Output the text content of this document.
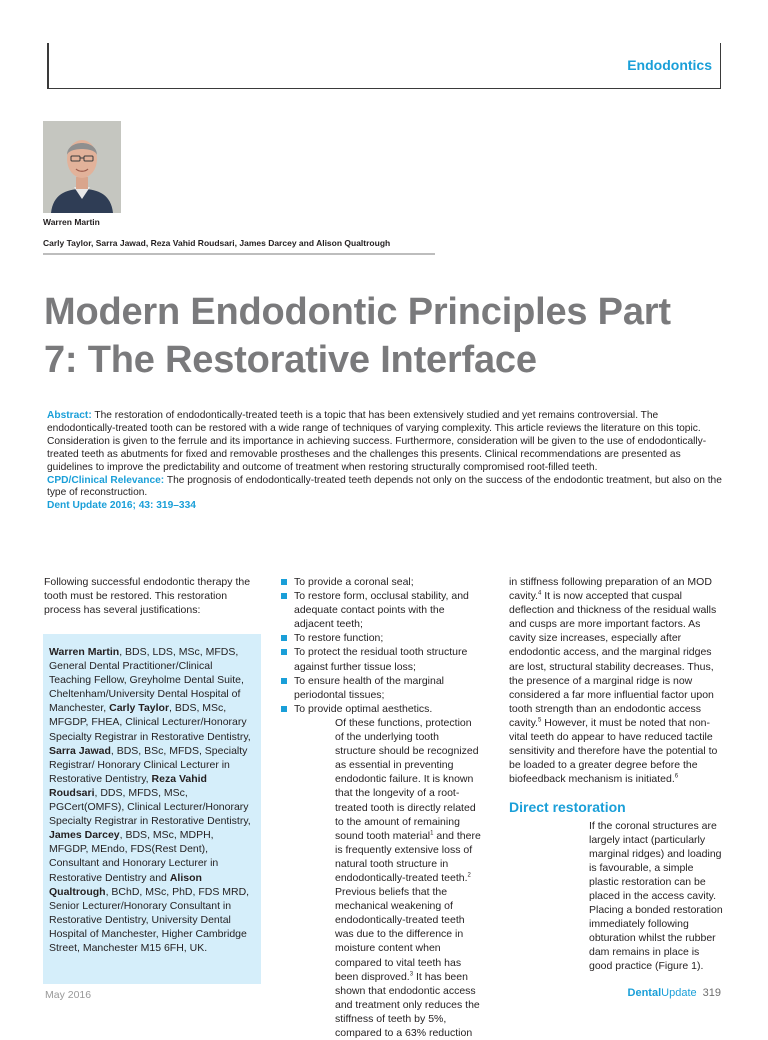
Endodontics
Warren Martin
Carly Taylor, Sarra Jawad, Reza Vahid Roudsari, James Darcey and Alison Qualtrough
Modern Endodontic Principles Part
7: The Restorative Interface
Abstract: The restoration of endodontically-treated teeth is a topic that has been extensively studied and yet remains controversial. The endodontically-treated tooth can be restored with a wide range of techniques of varying complexity. This article reviews the literature on this topic. Consideration is given to the ferrule and its importance in achieving success. Furthermore, consideration will be given to the use of endodontically-treated teeth as abutments for fixed and removable prostheses and the challenges this presents. Clinical recommendations are presented as guidelines to improve the predictability and outcome of treatment when restoring structurally compromised root-filled teeth.
CPD/Clinical Relevance: The prognosis of endodontically-treated teeth depends not only on the success of the endodontic treatment, but also on the type of reconstruction.
Dent Update 2016; 43: 319–334

Following successful endodontic therapy the tooth must be restored. This restoration process has several justifications:

Warren Martin, BDS, LDS, MSc, MFDS, General Dental Practitioner/Clinical Teaching Fellow, Greyholme Dental Suite, Cheltenham/University Dental Hospital of Manchester, Carly Taylor, BDS, MSc, MFGDP, FHEA, Clinical Lecturer/Honorary Specialty Registrar in Restorative Dentistry, Sarra Jawad, BDS, BSc, MFDS, Specialty Registrar/ Honorary Clinical Lecturer in Restorative Dentistry, Reza Vahid Roudsari, DDS, MFDS, MSc, PGCert(OMFS), Clinical Lecturer/Honorary Specialty Registrar in Restorative Dentistry, James Darcey, BDS, MSc, MDPH, MFGDP, MEndo, FDS(Rest Dent), Consultant and Honorary Lecturer in Restorative Dentistry and Alison Qualtrough, BChD, MSc, PhD, FDS MRD, Senior Lecturer/Honorary Consultant in Restorative Dentistry, University Dental Hospital of Manchester, Higher Cambridge Street, Manchester M15 6FH, UK.

To provide a coronal seal;
To restore form, occlusal stability, and adequate contact points with the adjacent teeth;
To restore function;
To protect the residual tooth structure against further tissue loss;
To ensure health of the marginal periodontal tissues;
To provide optimal aesthetics.

Of these functions, protection of the underlying tooth structure should be recognized as essential in preventing endodontic failure. It is known that the longevity of a root-treated tooth is directly related to the amount of remaining sound tooth material$^1$ and there is frequently extensive loss of natural tooth structure in endodontically-treated teeth.$^2$ Previous beliefs that the mechanical weakening of endodontically-treated teeth was due to the difference in moisture content when compared to vital teeth has been disproved.$^3$ It has been shown that endodontic access and treatment only reduces the stiffness of teeth by 5%, compared to a 63% reduction

in stiffness following preparation of an MOD cavity.$^4$ It is now accepted that cuspal deflection and thickness of the residual walls and cusps are more important factors. As cavity size increases, especially after endodontic access, and the marginal ridges are lost, structural stability decreases. Thus, the presence of a marginal ridge is now considered a far more influential factor upon tooth strength than an endodontic access cavity.$^5$ However, it must be noted that non-vital teeth do appear to have reduced tactile sensitivity and therefore have the potential to be loaded to a greater degree before the biofeedback mechanism is initiated.$^6$

Direct restoration

If the coronal structures are largely intact (particularly marginal ridges) and loading is favourable, a simple plastic restoration can be placed in the access cavity. Placing a bonded restoration immediately following obturation whilst the rubber dam remains in place is good practice (Figure 1).

May 2016	DentalUpdate 319
